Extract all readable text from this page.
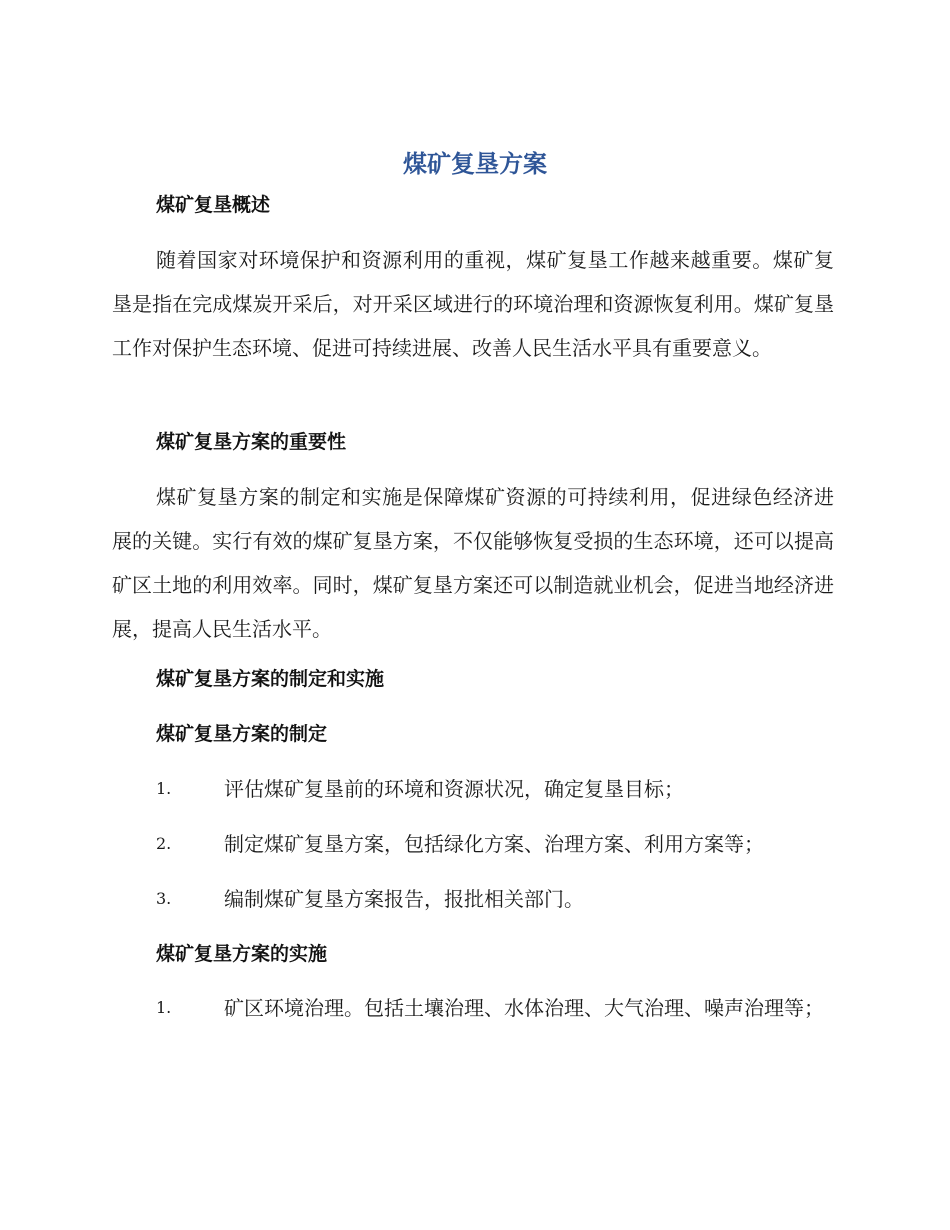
煤矿复垦方案
煤矿复垦概述
随着国家对环境保护和资源利用的重视，煤矿复垦工作越来越重要。煤矿复垦是指在完成煤炭开采后，对开采区域进行的环境治理和资源恢复利用。煤矿复垦工作对保护生态环境、促进可持续进展、改善人民生活水平具有重要意义。
煤矿复垦方案的重要性
煤矿复垦方案的制定和实施是保障煤矿资源的可持续利用，促进绿色经济进展的关键。实行有效的煤矿复垦方案，不仅能够恢复受损的生态环境，还可以提高矿区土地的利用效率。同时，煤矿复垦方案还可以制造就业机会，促进当地经济进展，提高人民生活水平。
煤矿复垦方案的制定和实施
煤矿复垦方案的制定
1.	评估煤矿复垦前的环境和资源状况，确定复垦目标；
2.	制定煤矿复垦方案，包括绿化方案、治理方案、利用方案等；
3.	编制煤矿复垦方案报告，报批相关部门。
煤矿复垦方案的实施
1.	矿区环境治理。包括土壤治理、水体治理、大气治理、噪声治理等；
